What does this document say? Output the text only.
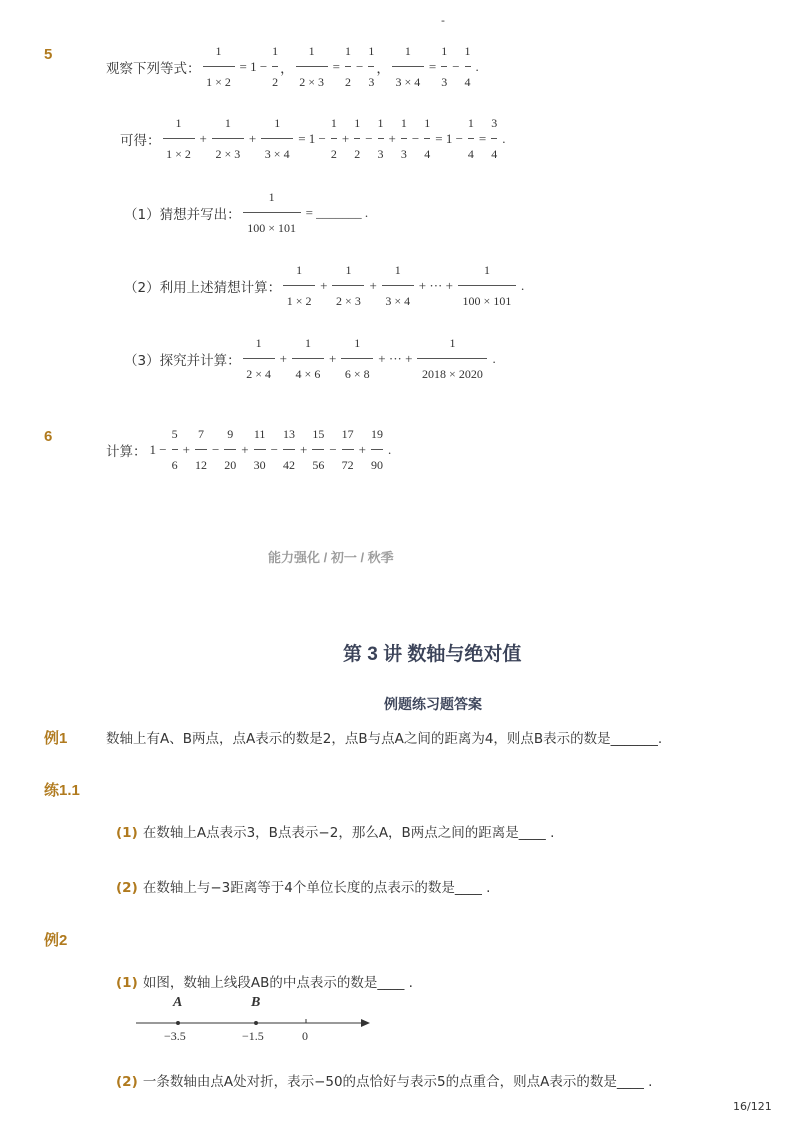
-
5
观察下列等式： $\frac{1}{1 \times 2} = 1 - \frac{1}{2}$ ， $\frac{1}{2 \times 3} = \frac{1}{2} - \frac{1}{3}$ ， $\frac{1}{3 \times 4} = \frac{1}{3} - \frac{1}{4}$ .
可得： $\frac{1}{1 \times 2} + \frac{1}{2 \times 3} + \frac{1}{3 \times 4} = 1 - \frac{1}{2} + \frac{1}{2} - \frac{1}{3} + \frac{1}{3} - \frac{1}{4} = 1 - \frac{1}{4} = \frac{3}{4}$ .
（1）猜想并写出： $\frac{1}{100 \times 101}$ = _______ .
（2）利用上述猜想计算： $\frac{1}{1 \times 2} + \frac{1}{2 \times 3} + \frac{1}{3 \times 4}$ + ··· + $\frac{1}{100 \times 101}$ .
（3）探究并计算： $\frac{1}{2 \times 4} + \frac{1}{4 \times 6} + \frac{1}{6 \times 8}$ + ··· + $\frac{1}{2018 \times 2020}$ .
6
计算： $1 - \frac{5}{6} + \frac{7}{12} - \frac{9}{20} + \frac{11}{30} - \frac{13}{42} + \frac{15}{56} - \frac{17}{72} + \frac{19}{90}$ .
能力强化 / 初一 / 秋季
第 3 讲 数轴与绝对值
例题练习题答案
例1	数轴上有A、B两点，点A表示的数是2，点B与点A之间的距离为4，则点B表示的数是_______.
练1.1
(1) 在数轴上A点表示3，B点表示−2，那么A，B两点之间的距离是____ .
(2) 在数轴上与−3距离等于4个单位长度的点表示的数是____ .
例2
(1) 如图，数轴上线段AB的中点表示的数是____ .
A	B
−3.5	−1.5	0
(2) 一条数轴由点A处对折，表示−50的点恰好与表示5的点重合，则点A表示的数是____ .
16/121
